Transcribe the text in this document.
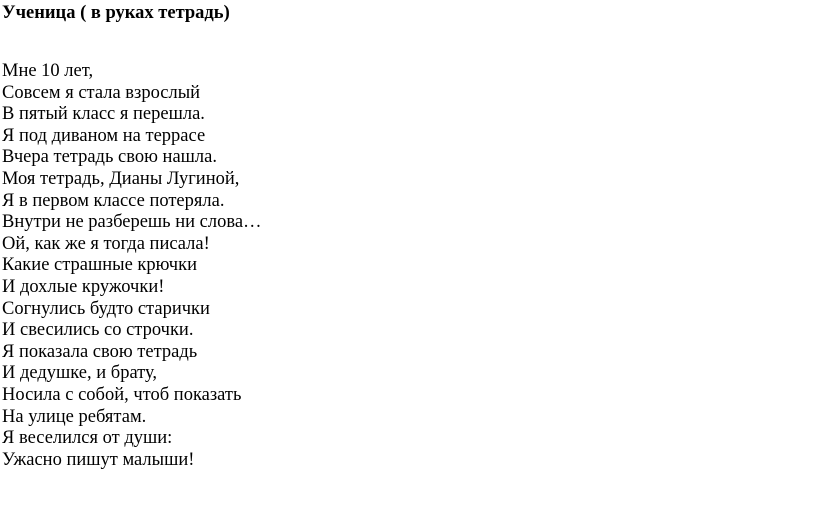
Ученица ( в руках тетрадь)
Мне 10 лет,
Совсем я стала взрослый
В пятый класс я перешла.
Я под диваном на террасе
Вчера тетрадь свою нашла.
Моя тетрадь, Дианы Лугиной,
Я в первом классе потеряла.
Внутри не разберешь ни слова…
Ой, как же я тогда писала!
Какие страшные крючки
И дохлые кружочки!
Согнулись будто старички
И свесились со строчки.
Я показала свою тетрадь
И дедушке, и брату,
Носила с собой, чтоб показать
На улице ребятам.
Я веселился от души:
Ужасно пишут малыши!
